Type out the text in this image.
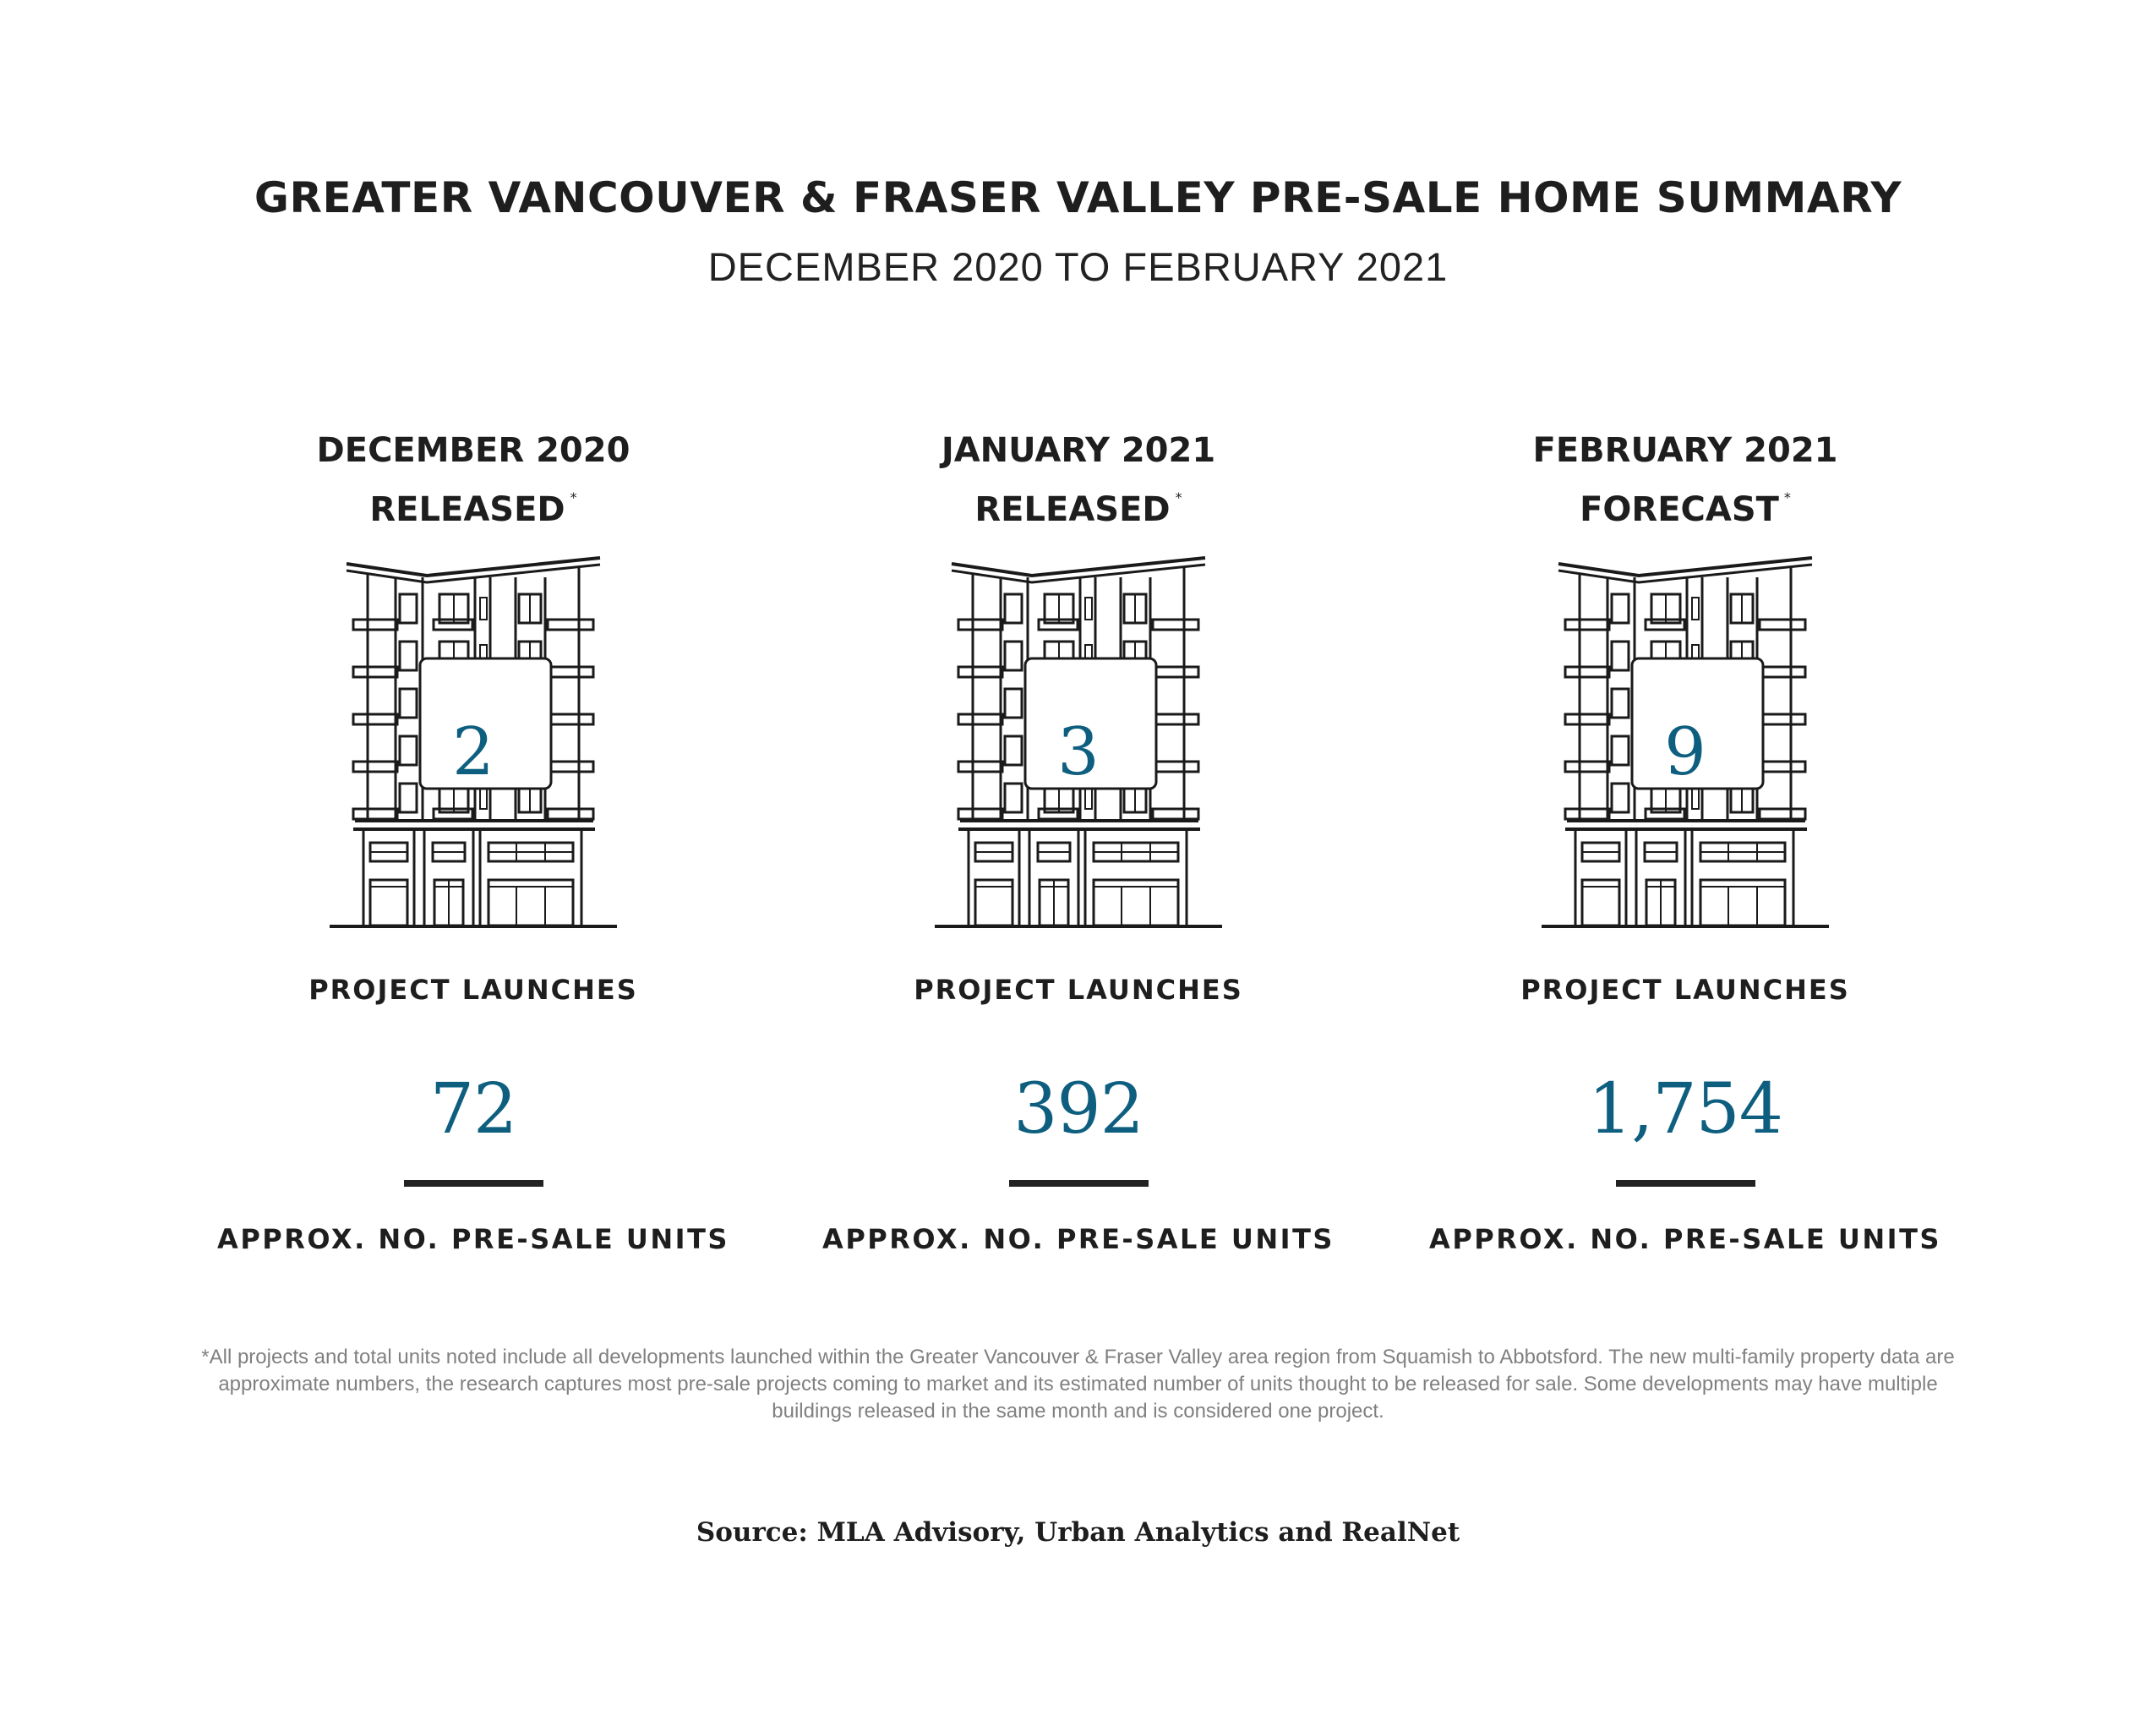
GREATER VANCOUVER & FRASER VALLEY PRE-SALE HOME SUMMARY
DECEMBER 2020 TO FEBRUARY 2021
DECEMBER 2020
RELEASED *
2
PROJECT LAUNCHES
72
APPROX. NO. PRE-SALE UNITS
JANUARY 2021
RELEASED *
3
PROJECT LAUNCHES
392
APPROX. NO. PRE-SALE UNITS
FEBRUARY 2021
FORECAST *
9
PROJECT LAUNCHES
1,754
APPROX. NO. PRE-SALE UNITS
*All projects and total units noted include all developments launched within the Greater Vancouver & Fraser Valley area region from Squamish to Abbotsford. The new multi-family property data are approximate numbers, the research captures most pre-sale projects coming to market and its estimated number of units thought to be released for sale. Some developments may have multiple buildings released in the same month and is considered one project.
Source: MLA Advisory, Urban Analytics and RealNet
